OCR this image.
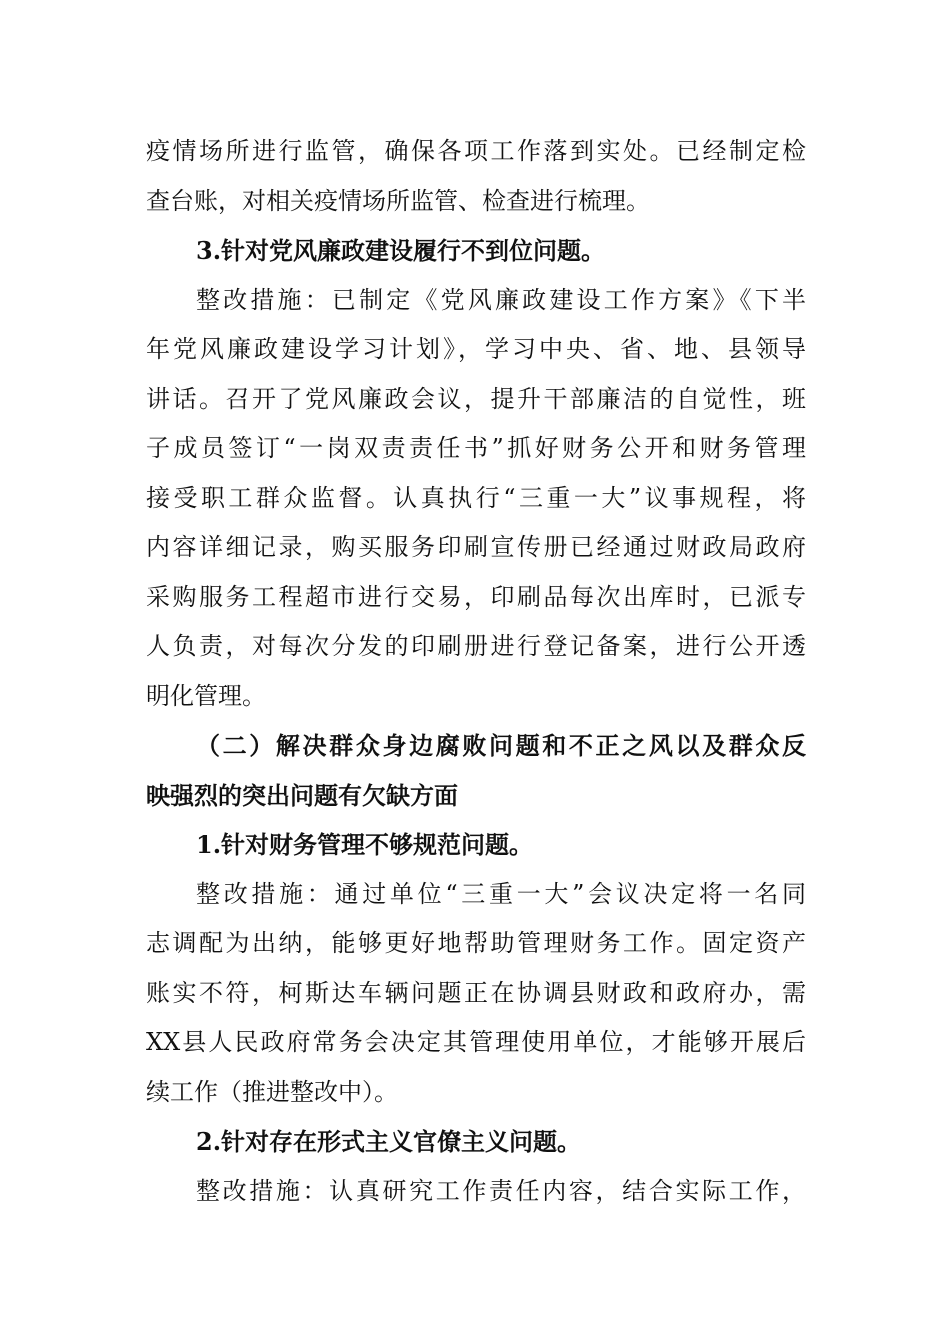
疫情场所进行监管，确保各项工作落到实处。已经制定检
查台账，对相关疫情场所监管、检查进行梳理。
3.针对党风廉政建设履行不到位问题。
整改措施：已制定《党风廉政建设工作方案》《下半
年党风廉政建设学习计划》，学习中央、省、地、县领导
讲话。召开了党风廉政会议，提升干部廉洁的自觉性，班
子成员签订“一岗双责责任书”抓好财务公开和财务管理
接受职工群众监督。认真执行“三重一大”议事规程，将
内容详细记录，购买服务印刷宣传册已经通过财政局政府
采购服务工程超市进行交易，印刷品每次出库时，已派专
人负责，对每次分发的印刷册进行登记备案，进行公开透
明化管理。
（二）解决群众身边腐败问题和不正之风以及群众反
映强烈的突出问题有欠缺方面
1.针对财务管理不够规范问题。
整改措施：通过单位“三重一大”会议决定将一名同
志调配为出纳，能够更好地帮助管理财务工作。固定资产
账实不符，柯斯达车辆问题正在协调县财政和政府办，需
XX县人民政府常务会决定其管理使用单位，才能够开展后
续工作（推进整改中）。
2.针对存在形式主义官僚主义问题。
整改措施：认真研究工作责任内容，结合实际工作，
